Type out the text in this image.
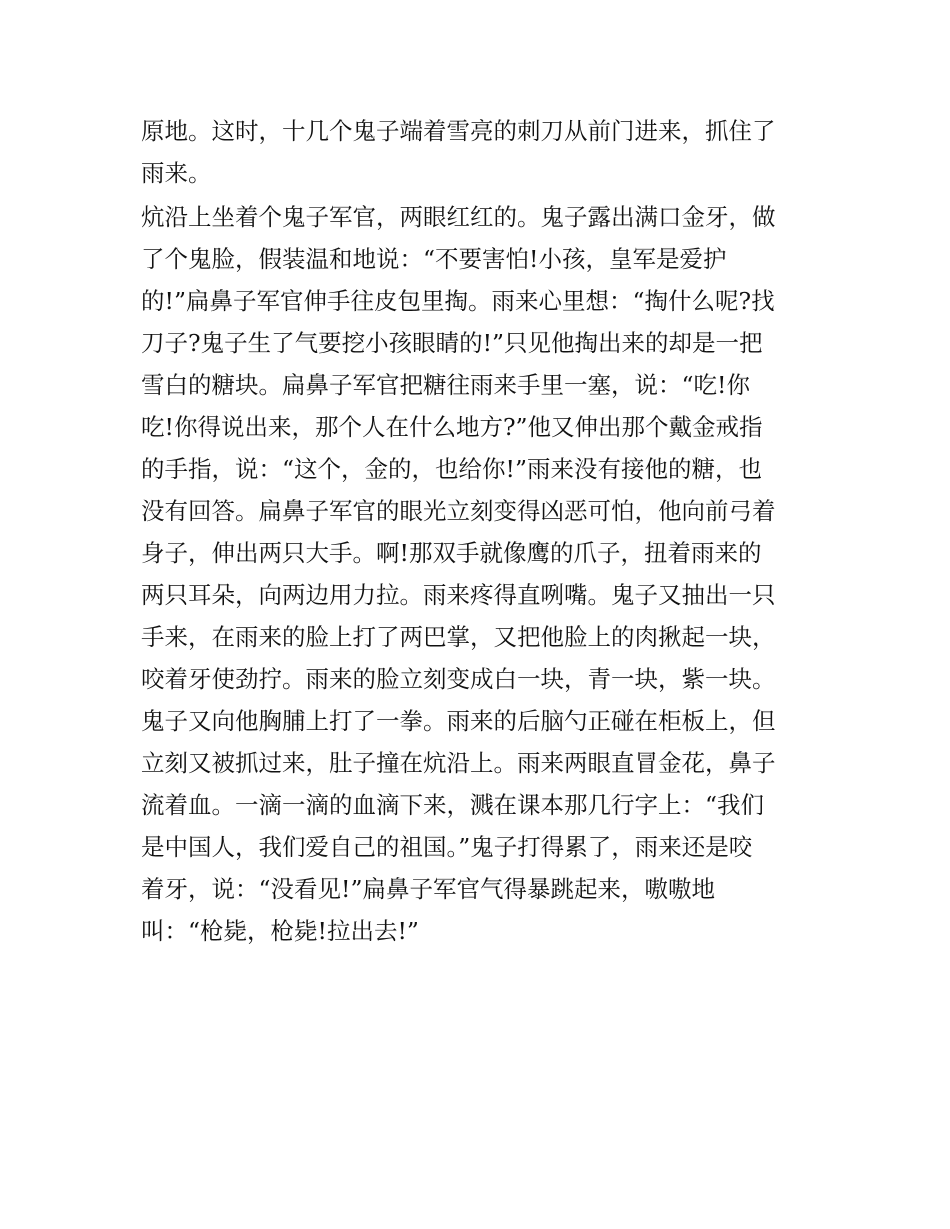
原地。这时，十几个鬼子端着雪亮的刺刀从前门进来，抓住了

雨来。

炕沿上坐着个鬼子军官，两眼红红的。鬼子露出满口金牙，做

了个鬼脸，假装温和地说：“不要害怕!小孩，皇军是爱护

的!”扁鼻子军官伸手往皮包里掏。雨来心里想：“掏什么呢?找

刀子?鬼子生了气要挖小孩眼睛的!”只见他掏出来的却是一把

雪白的糖块。扁鼻子军官把糖往雨来手里一塞，说：“吃!你

吃!你得说出来，那个人在什么地方?”他又伸出那个戴金戒指

的手指，说：“这个，金的，也给你!”雨来没有接他的糖，也

没有回答。扁鼻子军官的眼光立刻变得凶恶可怕，他向前弓着

身子，伸出两只大手。啊!那双手就像鹰的爪子，扭着雨来的

两只耳朵，向两边用力拉。雨来疼得直咧嘴。鬼子又抽出一只

手来，在雨来的脸上打了两巴掌，又把他脸上的肉揪起一块，

咬着牙使劲拧。雨来的脸立刻变成白一块，青一块，紫一块。

鬼子又向他胸脯上打了一拳。雨来的后脑勺正碰在柜板上，但

立刻又被抓过来，肚子撞在炕沿上。雨来两眼直冒金花，鼻子

流着血。一滴一滴的血滴下来，溅在课本那几行字上：“我们

是中国人，我们爱自己的祖国。”鬼子打得累了，雨来还是咬

着牙，说：“没看见!”扁鼻子军官气得暴跳起来，嗷嗷地

叫：“枪毙，枪毙!拉出去!”
